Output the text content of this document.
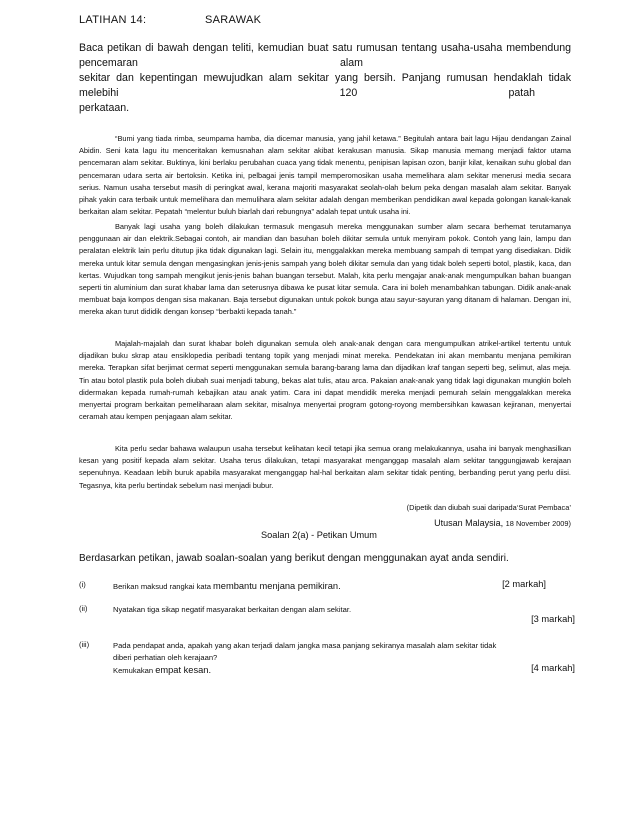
LATIHAN 14:	SARAWAK
Baca petikan di bawah dengan teliti, kemudian buat satu rumusan tentang usaha-usaha membendung
pencemaran	alam
sekitar dan kepentingan mewujudkan alam sekitar yang bersih. Panjang rumusan hendaklah tidak
melebihi	120	patah
perkataan.

“Bumi yang tiada rimba, seumpama hamba, dia dicemar manusia, yang jahil ketawa.” Begitulah antara bait lagu Hijau dendangan Zainal Abidin. Seni kata lagu itu menceritakan kemusnahan alam sekitar akibat kerakusan manusia. Sikap manusia memang menjadi faktor utama pencemaran alam sekitar. Buktinya, kini berlaku perubahan cuaca yang tidak menentu, penipisan lapisan ozon, banjir kilat, kenaikan suhu global dan pencemaran udara serta air bertoksin. Ketika ini, pelbagai jenis tampil memperomosikan usaha memelihara alam sekitar menerusi media secara serius. Namun usaha tersebut masih di peringkat awal, kerana majoriti masyarakat seolah-olah belum peka dengan masalah alam sekitar. Banyak pihak yakin cara terbaik untuk memelihara dan memulihara alam sekitar adalah dengan memberikan pendidikan awal kepada golongan kanak-kanak berkaitan alam sekitar. Pepatah “melentur buluh biarlah dari rebungnya” adalah tepat untuk usaha ini.

Banyak lagi usaha yang boleh dilakukan termasuk mengasuh mereka menggunakan sumber alam secara berhemat terutamanya penggunaan air dan elektrik.Sebagai contoh, air mandian dan basuhan boleh dikitar semula untuk menyiram pokok. Contoh yang lain, lampu dan peralatan elektrik lain perlu ditutup jika tidak digunakan lagi. Selain itu, menggalakkan mereka membuang sampah di tempat yang disediakan. Didik mereka untuk kitar semula dengan mengasingkan jenis-jenis sampah yang boleh dikitar semula dan yang tidak boleh seperti botol, plastik, kaca, dan kertas. Wujudkan tong sampah mengikut jenis-jenis bahan buangan tersebut. Malah, kita perlu mengajar anak-anak mengumpulkan bahan buangan seperti tin aluminium dan surat khabar lama dan seterusnya dibawa ke pusat kitar semula. Cara ini boleh menambahkan tabungan. Didik anak-anak membuat baja kompos dengan sisa makanan. Baja tersebut digunakan untuk pokok bunga atau sayur-sayuran yang ditanam di halaman. Dengan ini, mereka akan turut dididik dengan konsep “berbakti kepada tanah.”

Majalah-majalah dan surat khabar boleh digunakan semula oleh anak-anak dengan cara mengumpulkan atrikel-artikel tertentu untuk dijadikan buku skrap atau ensiklopedia peribadi tentang topik yang menjadi minat mereka. Pendekatan ini akan membantu menjana pemikiran mereka. Terapkan sifat berjimat cermat seperti menggunakan semula barang-barang lama dan dijadikan kraf tangan seperti beg, selimut, alas meja. Tin atau botol plastik pula boleh diubah suai menjadi tabung, bekas alat tulis, atau arca. Pakaian anak-anak yang tidak lagi digunakan mungkin boleh didermakan kepada rumah-rumah kebajikan atau anak yatim. Cara ini dapat mendidik mereka menjadi pemurah selain menggalakkan mereka menyertai program berkaitan pemeliharaan alam sekitar, misalnya menyertai program gotong-royong membersihkan kawasan kejiranan, menyertai ceramah atau kempen penjagaan alam sekitar.

Kita perlu sedar bahawa walaupun usaha tersebut kelihatan kecil tetapi jika semua orang melakukannya, usaha ini banyak menghasilkan kesan yang positif kepada alam sekitar. Usaha terus dilakukan, tetapi masyarakat menganggap masalah alam sekitar tanggungjawab kerajaan sepenuhnya. Keadaan lebih buruk apabila masyarakat menganggap hal-hal berkaitan alam sekitar tidak penting, berbanding perut yang perlu diisi. Tegasnya, kita perlu bertindak sebelum nasi menjadi bubur.

(Dipetik dan diubah suai daripada‘Surat Pembaca’
Utusan Malaysia, 18 November 2009)
Soalan 2(a) - Petikan Umum
Berdasarkan petikan, jawab soalan-soalan yang berikut dengan menggunakan ayat anda sendiri.
(i)	Berikan maksud rangkai kata membantu menjana pemikiran.	[2 markah]
(ii)	Nyatakan tiga sikap negatif masyarakat berkaitan dengan alam sekitar.
[3 markah]
(iii)	Pada pendapat anda, apakah yang akan terjadi dalam jangka masa panjang sekiranya masalah alam sekitar tidak
diberi perhatian oleh kerajaan?
Kemukakan empat kesan.	[4 markah]
